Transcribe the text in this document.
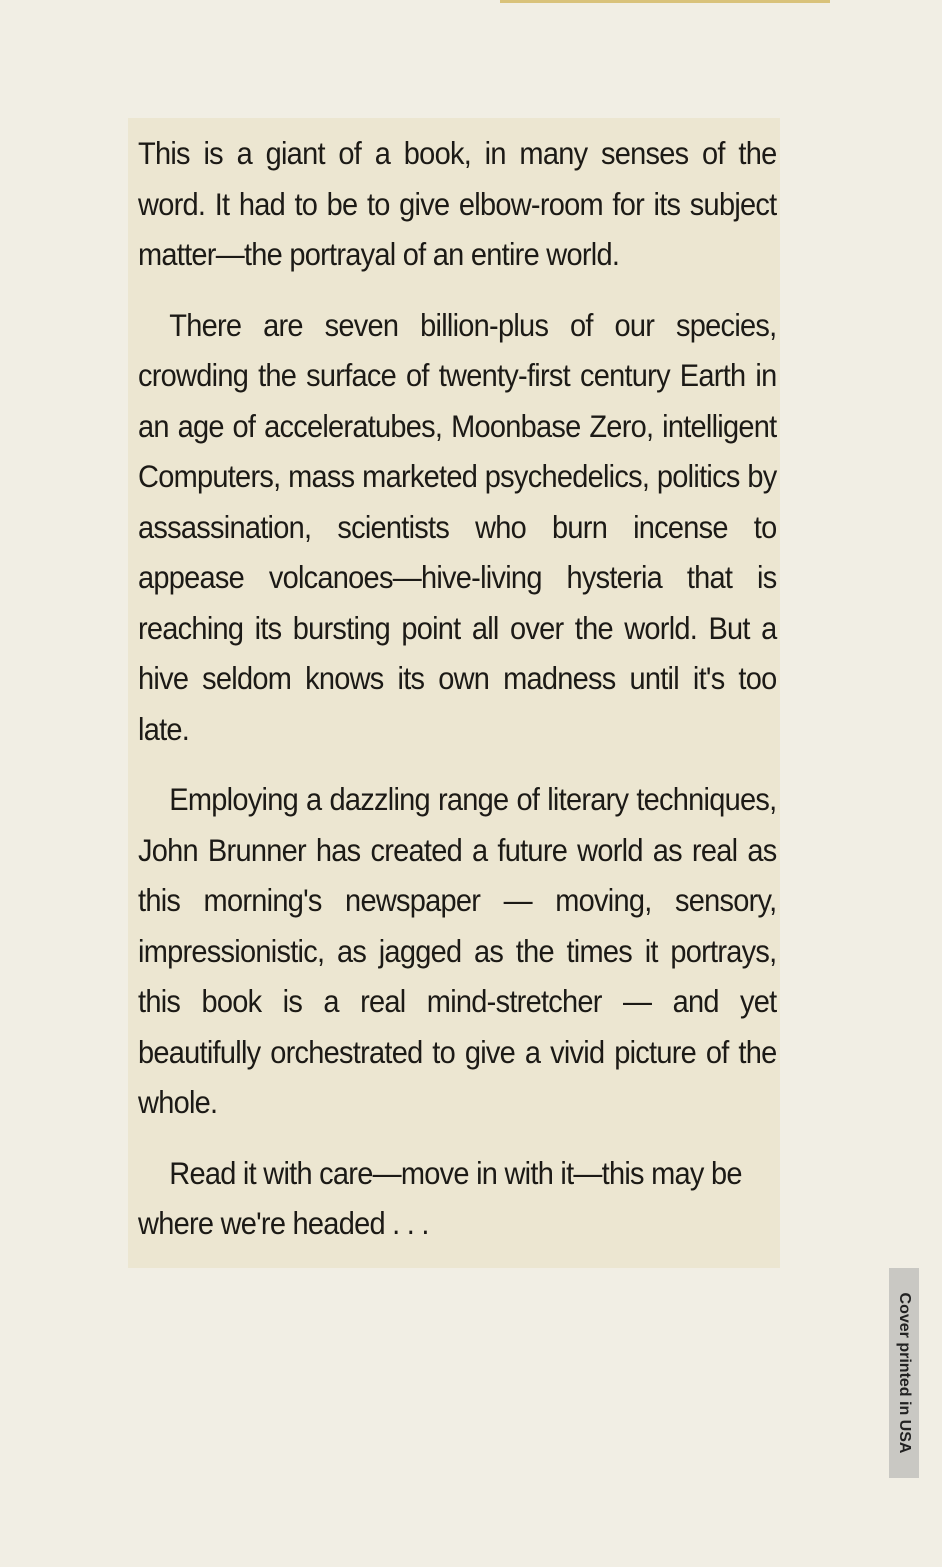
This is a giant of a book, in many senses of the word. It had to be to give elbow-room for its subject matter—the portrayal of an entire world.

There are seven billion-plus of our species, crowding the surface of twenty-first century Earth in an age of acceleratubes, Moonbase Zero, intelligent Computers, mass marketed psychedelics, politics by assassination, scientists who burn incense to appease volcanoes—hive-living hysteria that is reaching its bursting point all over the world. But a hive seldom knows its own madness until it's too late.

Employing a dazzling range of literary techniques, John Brunner has created a future world as real as this morning's newspaper — moving, sensory, impressionistic, as jagged as the times it portrays, this book is a real mind-stretcher — and yet beautifully orchestrated to give a vivid picture of the whole.

Read it with care—move in with it—this may be where we're headed . . .

Cover printed in USA
